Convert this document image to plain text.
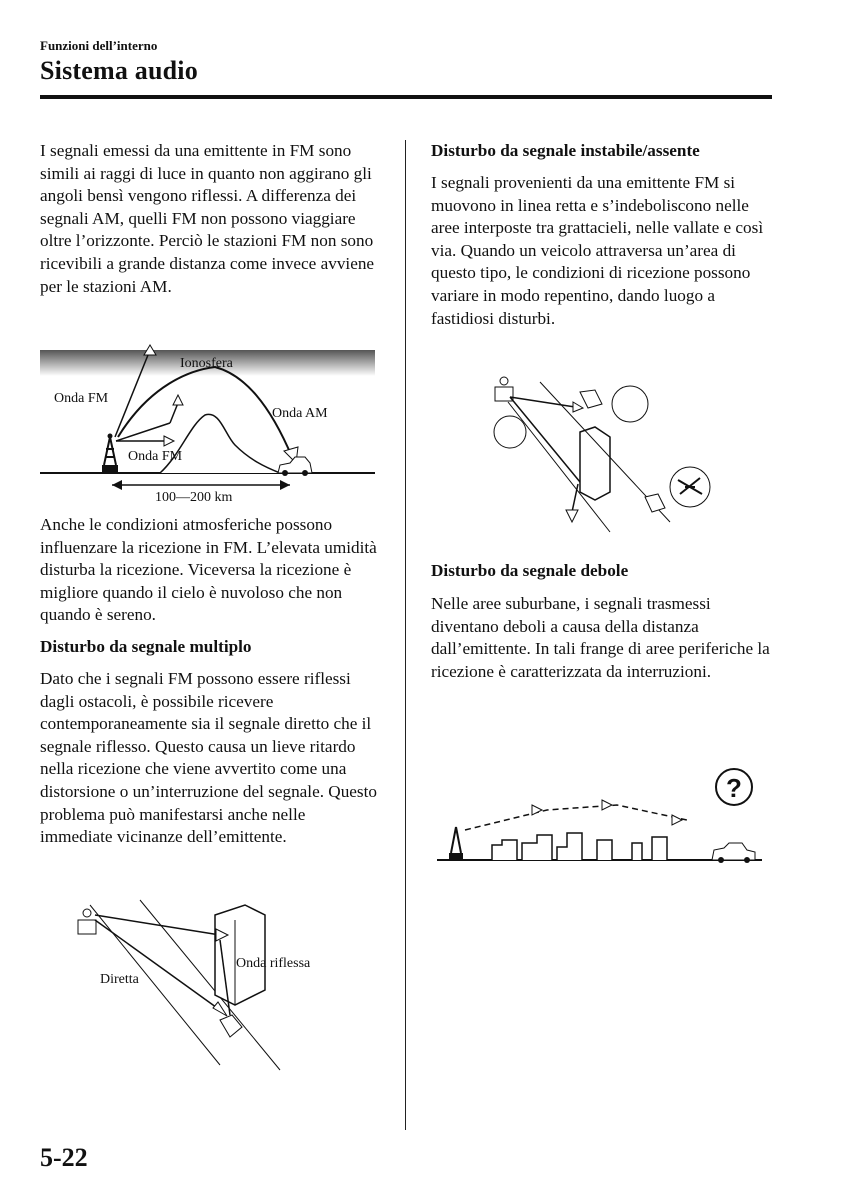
Funzioni dell’interno
Sistema audio

I segnali emessi da una emittente in FM sono simili ai raggi di luce in quanto non aggirano gli angoli bensì vengono riflessi. A differenza dei segnali AM, quelli FM non possono viaggiare oltre l’orizzonte. Perciò le stazioni FM non sono ricevibili a grande distanza come invece avviene per le stazioni AM.

Ionosfera
Onda FM
Onda AM
Onda FM
100—200 km

Anche le condizioni atmosferiche possono influenzare la ricezione in FM. L’elevata umidità disturba la ricezione. Viceversa la ricezione è migliore quando il cielo è nuvoloso che non quando è sereno.

Disturbo da segnale multiplo

Dato che i segnali FM possono essere riflessi dagli ostacoli, è possibile ricevere contemporaneamente sia il segnale diretto che il segnale riflesso. Questo causa un lieve ritardo nella ricezione che viene avvertito come una distorsione o un’interruzione del segnale. Questo problema può manifestarsi anche nelle immediate vicinanze dell’emittente.

Diretta
Onda riflessa

Disturbo da segnale instabile/assente

I segnali provenienti da una emittente FM si muovono in linea retta e s’indeboliscono nelle aree interposte tra grattacieli, nelle vallate e così via. Quando un veicolo attraversa un’area di questo tipo, le condizioni di ricezione possono variare in modo repentino, dando luogo a fastidiosi disturbi.

Disturbo da segnale debole

Nelle aree suburbane, i segnali trasmessi diventano deboli a causa della distanza dall’emittente. In tali frange di aree periferiche la ricezione è caratterizzata da interruzioni.

?
5-22
